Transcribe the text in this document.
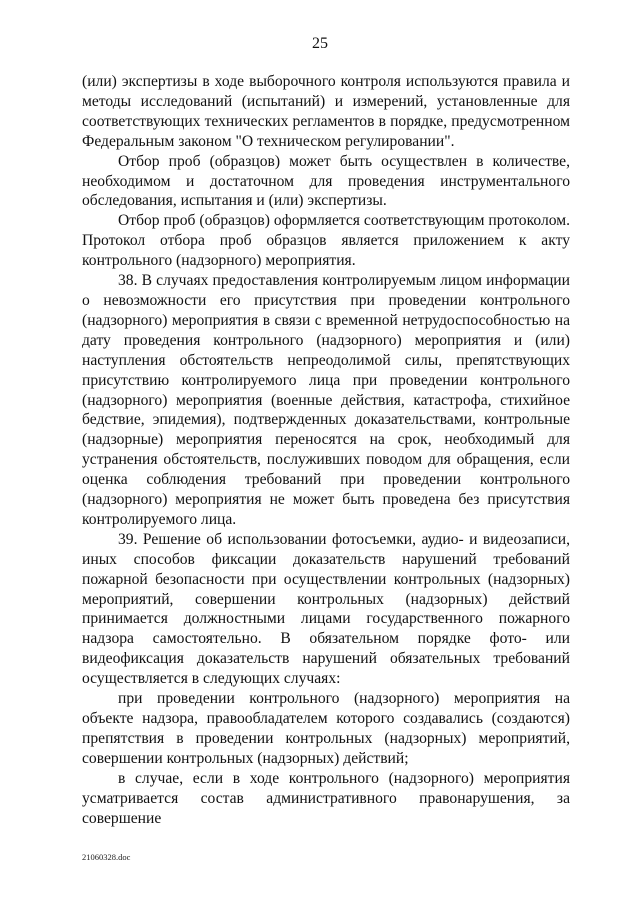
25

(или) экспертизы в ходе выборочного контроля используются правила и методы исследований (испытаний) и измерений, установленные для соответствующих технических регламентов в порядке, предусмотренном Федеральным законом "О техническом регулировании".

Отбор проб (образцов) может быть осуществлен в количестве, необходимом и достаточном для проведения инструментального обследования, испытания и (или) экспертизы.

Отбор проб (образцов) оформляется соответствующим протоколом. Протокол отбора проб образцов является приложением к акту контрольного (надзорного) мероприятия.

38. В случаях предоставления контролируемым лицом информации о невозможности его присутствия при проведении контрольного (надзорного) мероприятия в связи с временной нетрудоспособностью на дату проведения контрольного (надзорного) мероприятия и (или) наступления обстоятельств непреодолимой силы, препятствующих присутствию контролируемого лица при проведении контрольного (надзорного) мероприятия (военные действия, катастрофа, стихийное бедствие, эпидемия), подтвержденных доказательствами, контрольные (надзорные) мероприятия переносятся на срок, необходимый для устранения обстоятельств, послуживших поводом для обращения, если оценка соблюдения требований при проведении контрольного (надзорного) мероприятия не может быть проведена без присутствия контролируемого лица.

39. Решение об использовании фотосъемки, аудио- и видеозаписи, иных способов фиксации доказательств нарушений требований пожарной безопасности при осуществлении контрольных (надзорных) мероприятий, совершении контрольных (надзорных) действий принимается должностными лицами государственного пожарного надзора самостоятельно. В обязательном порядке фото- или видеофиксация доказательств нарушений обязательных требований осуществляется в следующих случаях:

при проведении контрольного (надзорного) мероприятия на объекте надзора, правообладателем которого создавались (создаются) препятствия в проведении контрольных (надзорных) мероприятий, совершении контрольных (надзорных) действий;

в случае, если в ходе контрольного (надзорного) мероприятия усматривается состав административного правонарушения, за совершение

21060328.doc
